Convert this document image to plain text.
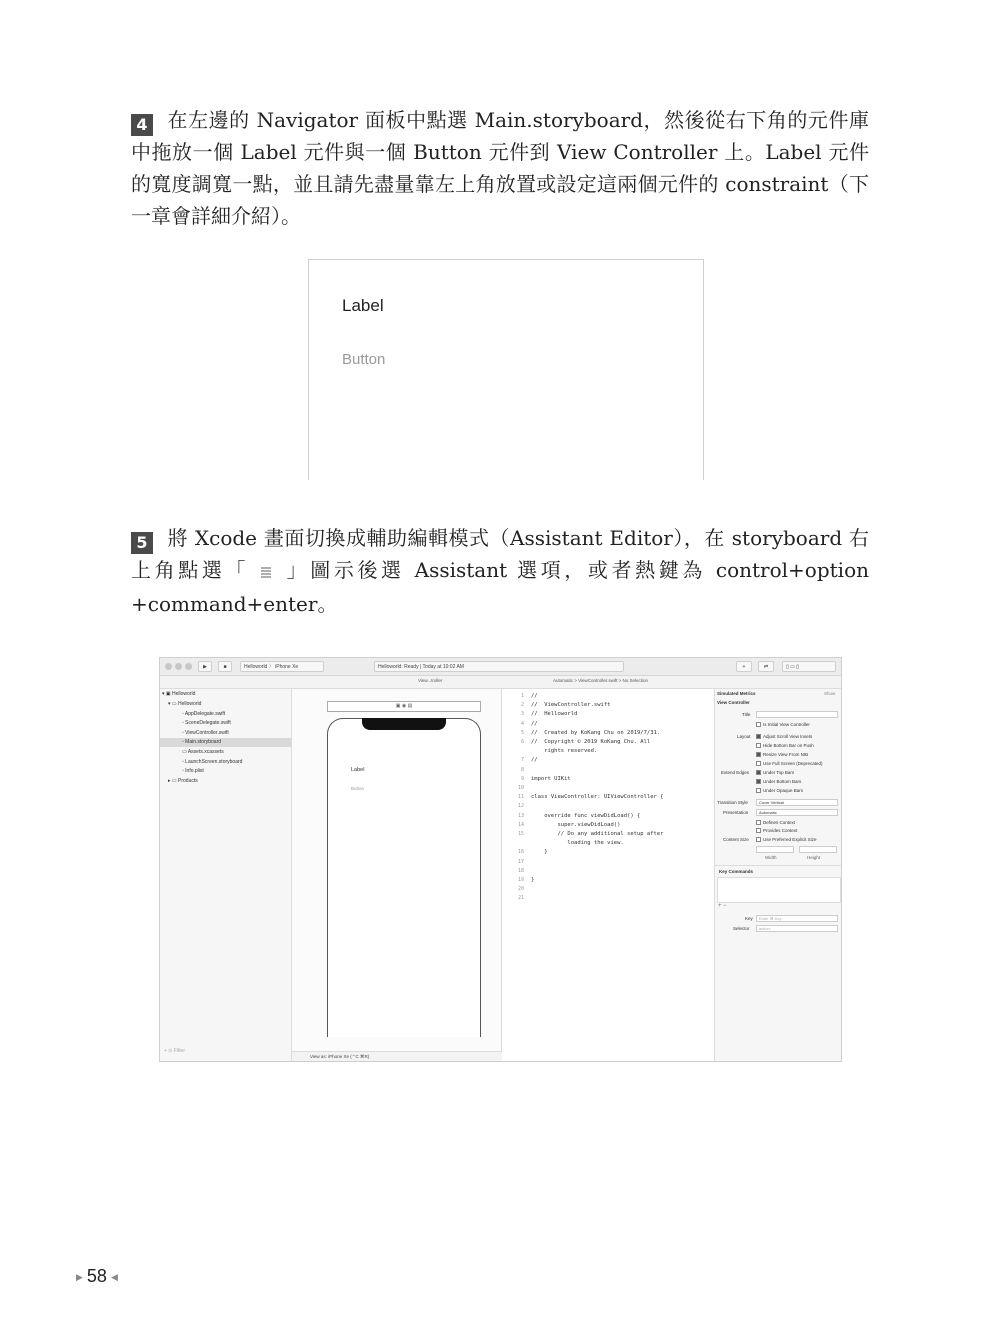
4 在左邊的 Navigator 面板中點選 Main.storyboard，然後從右下角的元件庫中拖放一個 Label 元件與一個 Button 元件到 View Controller 上。Label 元件的寬度調寬一點，並且請先盡量靠左上角放置或設定這兩個元件的 constraint（下一章會詳細介紹）。
Label
Button
5 將 Xcode 畫面切換成輔助編輯模式（Assistant Editor），在 storyboard 右上角點選「 」圖示後選 Assistant 選項，或者熱鍵為 control+option +command+enter。
▶	■	Helloworld 〉 iPhone Xe	Helloworld: Ready | Today at 10:02 AM	+	⇄	▯ ▭ ▯
View...troller	Automatic > ViewController.swift > No Selection
▾ ▣ Helloworld
▾ ▭ Helloworld
◦ AppDelegate.swift
◦ SceneDelegate.swift
◦ ViewController.swift
▫ Main.storyboard
▭ Assets.xcassets
▫ LaunchScreen.storyboard
▫ Info.plist
▸ ▭ Products
+ ⊙ Filter
▣ ◉ ▤
Label
Button
View as: iPhone Xe (⌃C ⌘R)
1 //
2 //  ViewController.swift
3 //  Helloworld
4 //
5 //  Created by KoKang Chu on 2019/7/31.
6 //  Copyright © 2019 KoKang Chu. All
rights reserved.
7 //
8
9 import UIKit
10
11 class ViewController: UIViewController {
12
13 override func viewDidLoad() {
14 super.viewDidLoad()
15 // Do any additional setup after
loading the view.
16 }
17
18
19 }
20
21
Simulated Metrics	Show
View Controller
Title
Is Initial View Controller
Layout	Adjust Scroll View Insets
Hide Bottom Bar on Push
Resize View From NIB
Use Full Screen (Deprecated)
Extend Edges	Under Top Bars
Under Bottom Bars
Under Opaque Bars
Transition Style	Cover Vertical
Presentation	Automatic
Defines Context
Provides Context
Content Size	Use Preferred Explicit Size
Width	Height
Key Commands
+ −
Key	Enter ⌘ Key
Selector	action:
▶ 58 ◀
